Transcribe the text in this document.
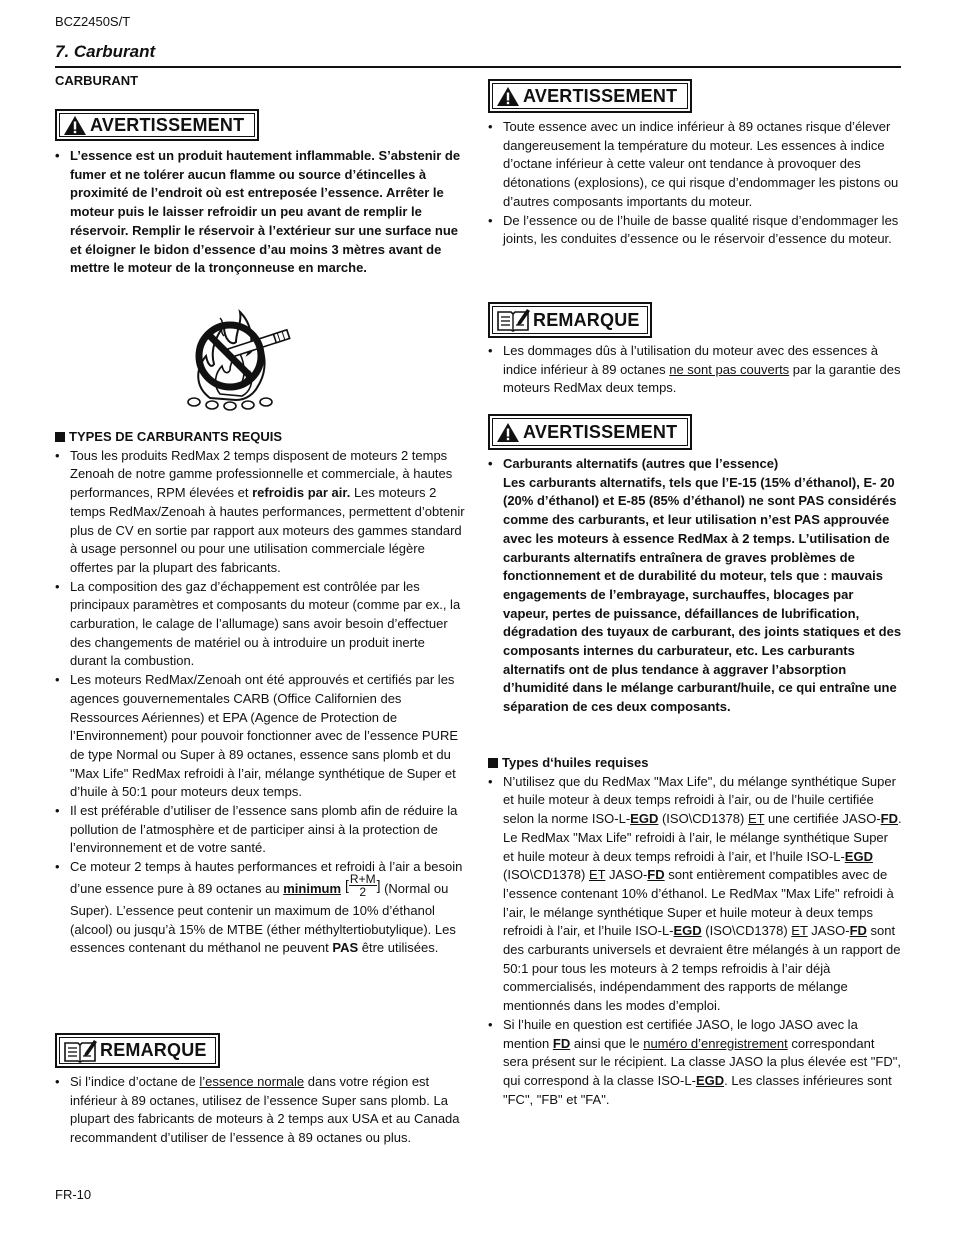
BCZ2450S/T
7. Carburant
CARBURANT
AVERTISSEMENT
• L’essence est un produit hautement inflammable. S’abstenir de fumer et ne tolérer aucun flamme ou source d’étincelles à proximité de l’endroit où est entreposée l’essence. Arrêter le moteur puis le laisser refroidir un peu avant de remplir le réservoir. Remplir le réservoir à l’extérieur sur une surface nue et éloigner le bidon d’essence d’au moins 3 mètres avant de mettre le moteur de la tronçonneuse en marche.
TYPES DE CARBURANTS REQUIS
• Tous les produits RedMax 2 temps disposent de moteurs 2 temps Zenoah de notre gamme professionnelle et commerciale, à hautes performances, RPM élevées et refroidis par air. Les moteurs 2 temps RedMax/Zenoah à hautes performances, permettent d’obtenir plus de CV en sortie par rapport aux moteurs des gammes standard à usage personnel ou pour une utilisation commerciale légère offertes par la plupart des fabricants.
• La composition des gaz d’échappement est contrôlée par les principaux paramètres et composants du moteur (comme par ex., la carburation, le calage de l’allumage) sans avoir besoin d’effectuer des changements de matériel ou à introduire un produit inerte durant la combustion.
• Les moteurs RedMax/Zenoah ont été approuvés et certifiés par les agences gouvernementales CARB (Office Californien des Ressources Aériennes) et EPA (Agence de Protection de l’Environnement) pour pouvoir fonctionner avec de l’essence PURE de type Normal ou Super à 89 octanes, essence sans plomb et du "Max Life" RedMax refroidi à l’air, mélange synthétique de Super et d’huile à 50:1 pour moteurs deux temps.
• Il est préférable d’utiliser de l’essence sans plomb afin de réduire la pollution de l’atmosphère et de participer ainsi à la protection de l’environnement et de votre santé.
• Ce moteur 2 temps à hautes performances et refroidi à l’air a besoin d’une essence pure à 89 octanes au minimum [ R+M
2 ] (Normal ou Super). L’essence peut contenir un maximum de 10% d’éthanol (alcool) ou jusqu’à 15% de MTBE (éther méthyltertiobutylique). Les essences contenant du méthanol ne peuvent PAS être utilisées.
REMARQUE
• Si l’indice d’octane de l’essence normale dans votre région est inférieur à 89 octanes, utilisez de l’essence Super sans plomb. La plupart des fabricants de moteurs à 2 temps aux USA et au Canada recommandent d’utiliser de l’essence à 89 octanes ou plus.
AVERTISSEMENT
• Toute essence avec un indice inférieur à 89 octanes risque d’élever dangereusement la température du moteur. Les essences à indice d’octane inférieur à cette valeur ont tendance à provoquer des détonations (explosions), ce qui risque d’endommager les pistons ou d’autres composants importants du moteur.
• De l’essence ou de l’huile de basse qualité risque d’endommager les joints, les conduites d’essence ou le réservoir d’essence du moteur.
REMARQUE
• Les dommages dûs à l’utilisation du moteur avec des essences à indice inférieur à 89 octanes ne sont pas couverts par la garantie des moteurs RedMax deux temps.
AVERTISSEMENT
• Carburants alternatifs (autres que l’essence)
Les carburants alternatifs, tels que l’E-15 (15% d’éthanol), E- 20 (20% d’éthanol) et E-85 (85% d’éthanol) ne sont PAS considérés comme des carburants, et leur utilisation n’est PAS approuvée avec les moteurs à essence RedMax à 2 temps. L’utilisation de carburants alternatifs entraînera de graves problèmes de fonctionnement et de durabilité du moteur, tels que : mauvais engagements de l’embrayage, surchauffes, blocages par vapeur, pertes de puissance, défaillances de lubrification, dégradation des tuyaux de carburant, des joints statiques et des composants internes du carburateur, etc. Les carburants alternatifs ont de plus tendance à aggraver l’absorption d’humidité dans le mélange carburant/huile, ce qui entraîne une séparation de ces deux composants.
Types d‘huiles requises
• N’utilisez que du RedMax "Max Life", du mélange synthétique Super et huile moteur à deux temps refroidi à l’air, ou de l’huile certifiée selon la norme ISO-L-EGD (ISO\CD1378) ET une certifiée JASO-FD. Le RedMax "Max Life" refroidi à l’air, le mélange synthétique Super et huile moteur à deux temps refroidi à l’air, et l’huile ISO-L-EGD (ISO\CD1378) ET JASO-FD sont entièrement compatibles avec de l’essence contenant 10% d’éthanol. Le RedMax "Max Life" refroidi à l’air, le mélange synthétique Super et huile moteur à deux temps refroidi à l’air, et l’huile ISO-L-EGD (ISO\CD1378) ET JASO-FD sont des carburants universels et devraient être mélangés à un rapport de 50:1 pour tous les moteurs à 2 temps refroidis à l’air déjà commercialisés, indépendamment des rapports de mélange mentionnés dans les modes d’emploi.
• Si l’huile en question est certifiée JASO, le logo JASO avec la mention FD ainsi que le numéro d’enregistrement correspondant sera présent sur le récipient. La classe JASO la plus élevée est "FD", qui correspond à la classe ISO-L-EGD. Les classes inférieures sont "FC", "FB" et "FA".
FR-10
